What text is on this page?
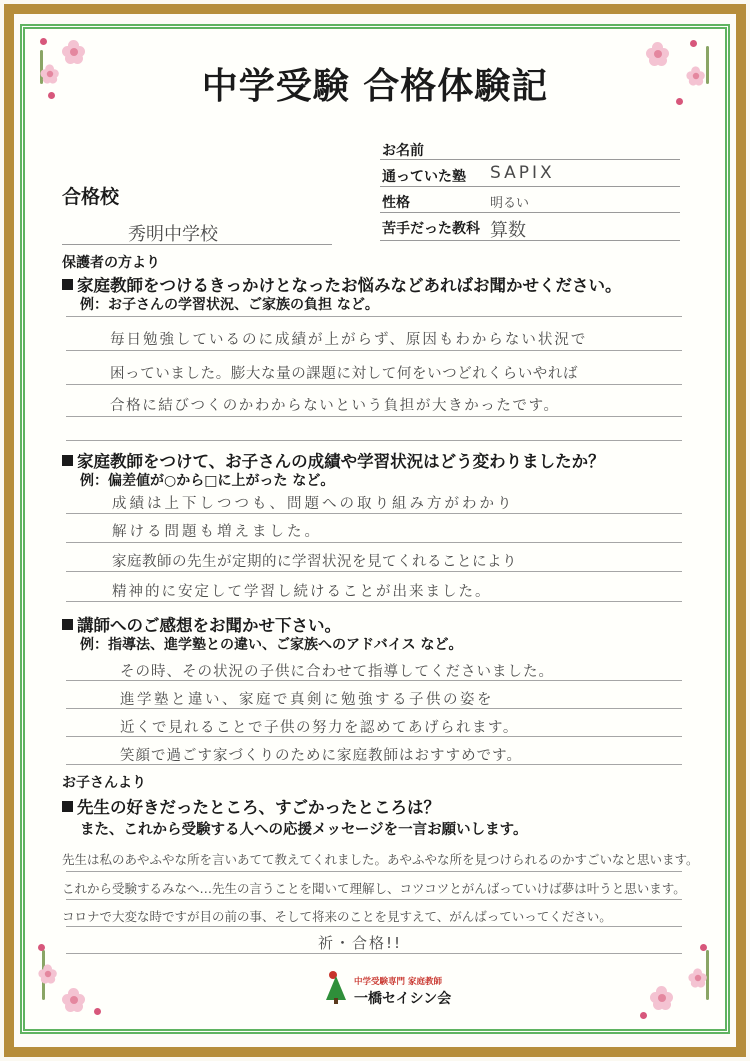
中学受験 合格体験記
合格校
秀明中学校
お名前
通っていた塾 SAPIX
性格	明るい
苦手だった教科 算数
保護者の方より
家庭教師をつけるきっかけとなったお悩みなどあればお聞かせください。
例：お子さんの学習状況、ご家族の負担 など。
毎日勉強しているのに成績が上がらず、原因もわからない状況で
困っていました。膨大な量の課題に対して何をいつどれくらいやれば
合格に結びつくのかわからないという負担が大きかったです。
家庭教師をつけて、お子さんの成績や学習状況はどう変わりましたか？
例：偏差値が○から□に上がった など。
成績は上下しつつも、問題への取り組み方がわかり
解ける問題も増えました。
家庭教師の先生が定期的に学習状況を見てくれることにより
精神的に安定して学習し続けることが出来ました。
講師へのご感想をお聞かせ下さい。
例：指導法、進学塾との違い、ご家族へのアドバイス など。
その時、その状況の子供に合わせて指導してくださいました。
進学塾と違い、家庭で真剣に勉強する子供の姿を
近くで見れることで子供の努力を認めてあげられます。
笑顔で過ごす家づくりのために家庭教師はおすすめです。
お子さんより
先生の好きだったところ、すごかったところは？
また、これから受験する人への応援メッセージを一言お願いします。
先生は私のあやふやな所を言いあてて教えてくれました。あやふやな所を見つけられるのかすごいなと思います。
これから受験するみなへ…先生の言うことを聞いて理解し、コツコツとがんばっていけば夢は叶うと思います。
コロナで大変な時ですが目の前の事、そして将来のことを見すえて、がんばっていってください。
祈・合格!!
中学受験専門 家庭教師
一橋セイシン会
